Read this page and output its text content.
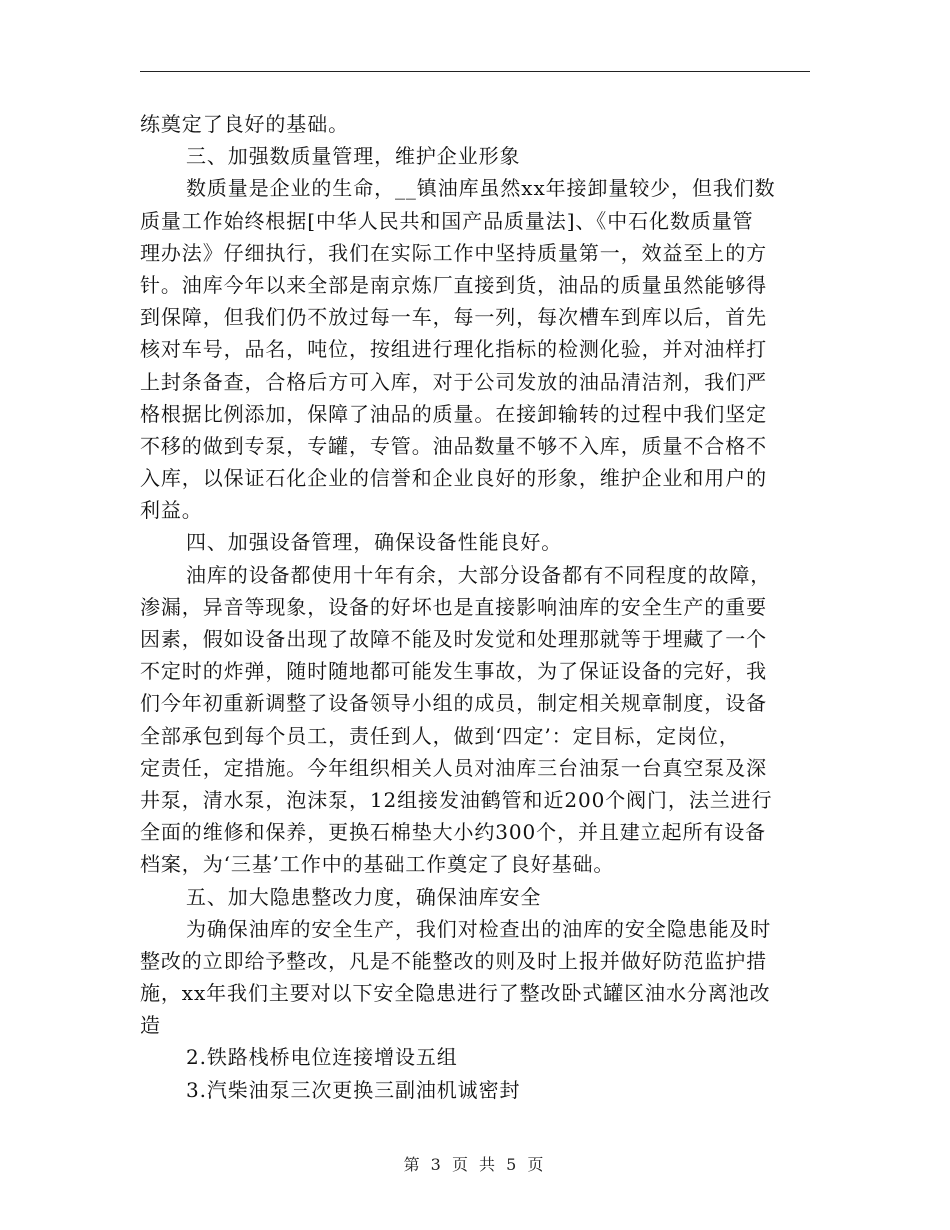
练奠定了良好的基础。
三、加强数质量管理，维护企业形象
数质量是企业的生命，__镇油库虽然xx年接卸量较少，但我们数
质量工作始终根据[中华人民共和国产品质量法]、《中石化数质量管
理办法》仔细执行，我们在实际工作中坚持质量第一，效益至上的方
针。油库今年以来全部是南京炼厂直接到货，油品的质量虽然能够得
到保障，但我们仍不放过每一车，每一列，每次槽车到库以后，首先
核对车号，品名，吨位，按组进行理化指标的检测化验，并对油样打
上封条备查，合格后方可入库，对于公司发放的油品清洁剂，我们严
格根据比例添加，保障了油品的质量。在接卸输转的过程中我们坚定
不移的做到专泵，专罐，专管。油品数量不够不入库，质量不合格不
入库，以保证石化企业的信誉和企业良好的形象，维护企业和用户的
利益。
四、加强设备管理，确保设备性能良好。
油库的设备都使用十年有余，大部分设备都有不同程度的故障，
渗漏，异音等现象，设备的好坏也是直接影响油库的安全生产的重要
因素，假如设备出现了故障不能及时发觉和处理那就等于埋藏了一个
不定时的炸弹，随时随地都可能发生事故，为了保证设备的完好，我
们今年初重新调整了设备领导小组的成员，制定相关规章制度，设备
全部承包到每个员工，责任到人，做到‘四定’：定目标，定岗位，
定责任，定措施。今年组织相关人员对油库三台油泵一台真空泵及深
井泵，清水泵，泡沫泵，12组接发油鹤管和近200个阀门，法兰进行
全面的维修和保养，更换石棉垫大小约300个，并且建立起所有设备
档案，为‘三基’工作中的基础工作奠定了良好基础。
五、加大隐患整改力度，确保油库安全
为确保油库的安全生产，我们对检查出的油库的安全隐患能及时
整改的立即给予整改，凡是不能整改的则及时上报并做好防范监护措
施，xx年我们主要对以下安全隐患进行了整改卧式罐区油水分离池改
造
2.铁路栈桥电位连接增设五组
3.汽柴油泵三次更换三副油机诚密封
第 3 页 共 5 页
